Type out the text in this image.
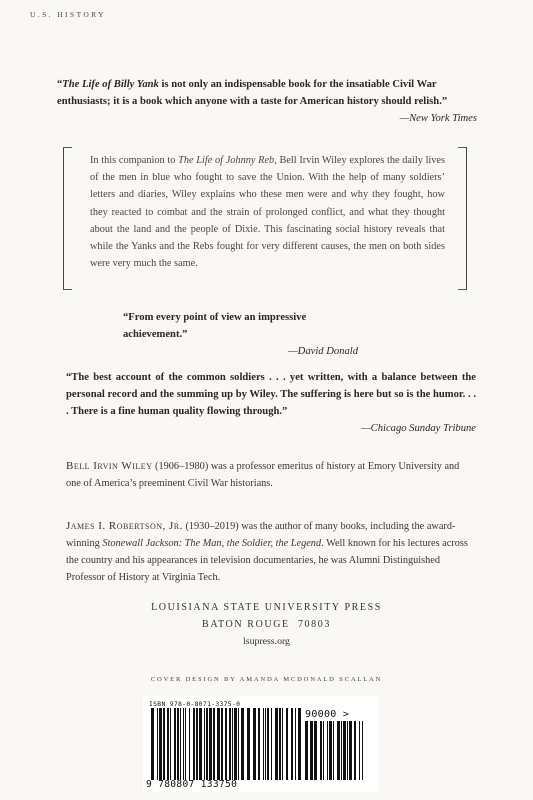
U.S. HISTORY
“The Life of Billy Yank is not only an indispensable book for the insatiable Civil War enthusiasts; it is a book which anyone with a taste for American history should relish.”
—New York Times
In this companion to The Life of Johnny Reb, Bell Irvin Wiley explores the daily lives of the men in blue who fought to save the Union. With the help of many soldiers’ letters and diaries, Wiley explains who these men were and why they fought, how they reacted to combat and the strain of prolonged conflict, and what they thought about the land and the people of Dixie. This fascinating social history reveals that while the Yanks and the Rebs fought for very different causes, the men on both sides were very much the same.
“From every point of view an impressive achievement.”
—David Donald
“The best account of the common soldiers . . . yet written, with a balance between the personal record and the summing up by Wiley. The suffering is here but so is the humor. . . . There is a fine human quality flowing through.”
—Chicago Sunday Tribune
Bell Irvin Wiley (1906–1980) was a professor emeritus of history at Emory University and one of America’s preeminent Civil War historians.
James I. Robertson, Jr. (1930–2019) was the author of many books, including the award-winning Stonewall Jackson: The Man, the Soldier, the Legend. Well known for his lectures across the country and his appearances in television documentaries, he was Alumni Distinguished Professor of History at Virginia Tech.
LOUISIANA STATE UNIVERSITY PRESS
BATON ROUGE 70803
lsupress.org
COVER DESIGN BY AMANDA MCDONALD SCALLAN
ISBN 978-0-8071-3375-0
90000 >
9 780807 133750
